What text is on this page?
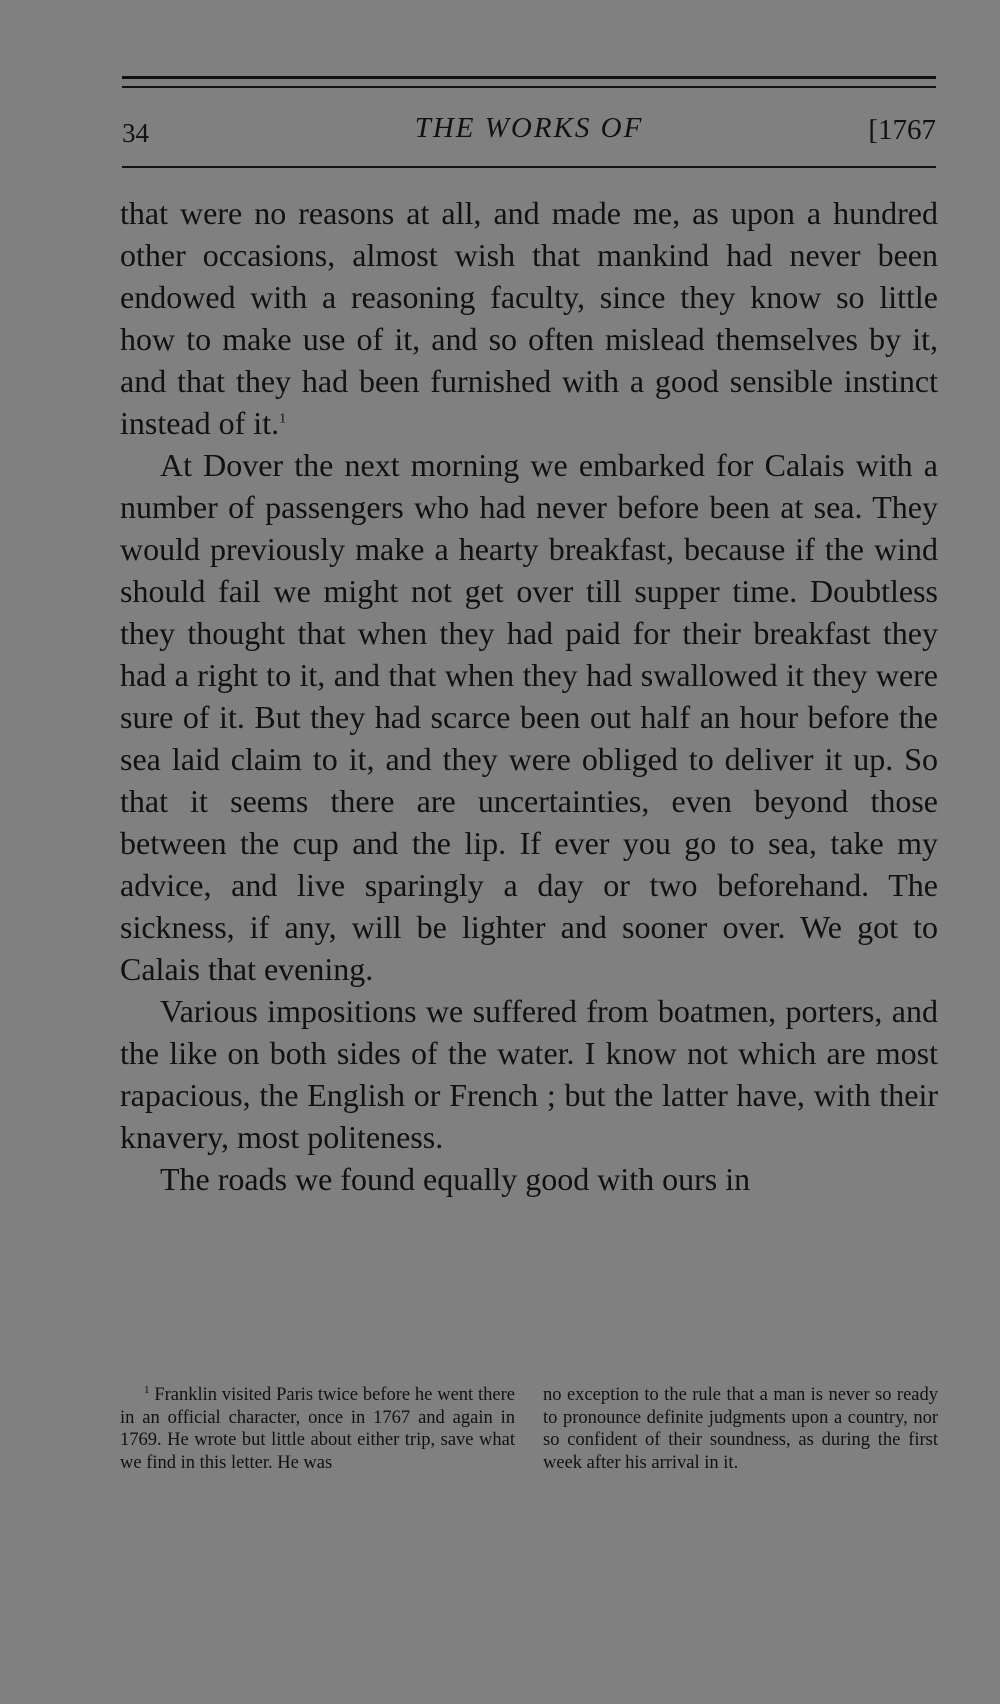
34	THE WORKS OF	[1767

that were no reasons at all, and made me, as upon a hundred other occasions, almost wish that mankind had never been endowed with a reasoning faculty, since they know so little how to make use of it, and so often mislead themselves by it, and that they had been furnished with a good sensible instinct instead of it.$^1$

At Dover the next morning we embarked for Calais with a number of passengers who had never before been at sea. They would previously make a hearty breakfast, because if the wind should fail we might not get over till supper time. Doubtless they thought that when they had paid for their breakfast they had a right to it, and that when they had swallowed it they were sure of it. But they had scarce been out half an hour before the sea laid claim to it, and they were obliged to deliver it up. So that it seems there are uncertainties, even beyond those between the cup and the lip. If ever you go to sea, take my advice, and live sparingly a day or two beforehand. The sickness, if any, will be lighter and sooner over. We got to Calais that evening.

Various impositions we suffered from boatmen, porters, and the like on both sides of the water. I know not which are most rapacious, the English or French ; but the latter have, with their knavery, most politeness.

The roads we found equally good with ours in

$^1$ Franklin visited Paris twice before he went there in an official character, once in 1767 and again in 1769. He wrote but little about either trip, save what we find in this letter. He was
no exception to the rule that a man is never so ready to pronounce definite judgments upon a country, nor so confident of their soundness, as during the first week after his arrival in it.
